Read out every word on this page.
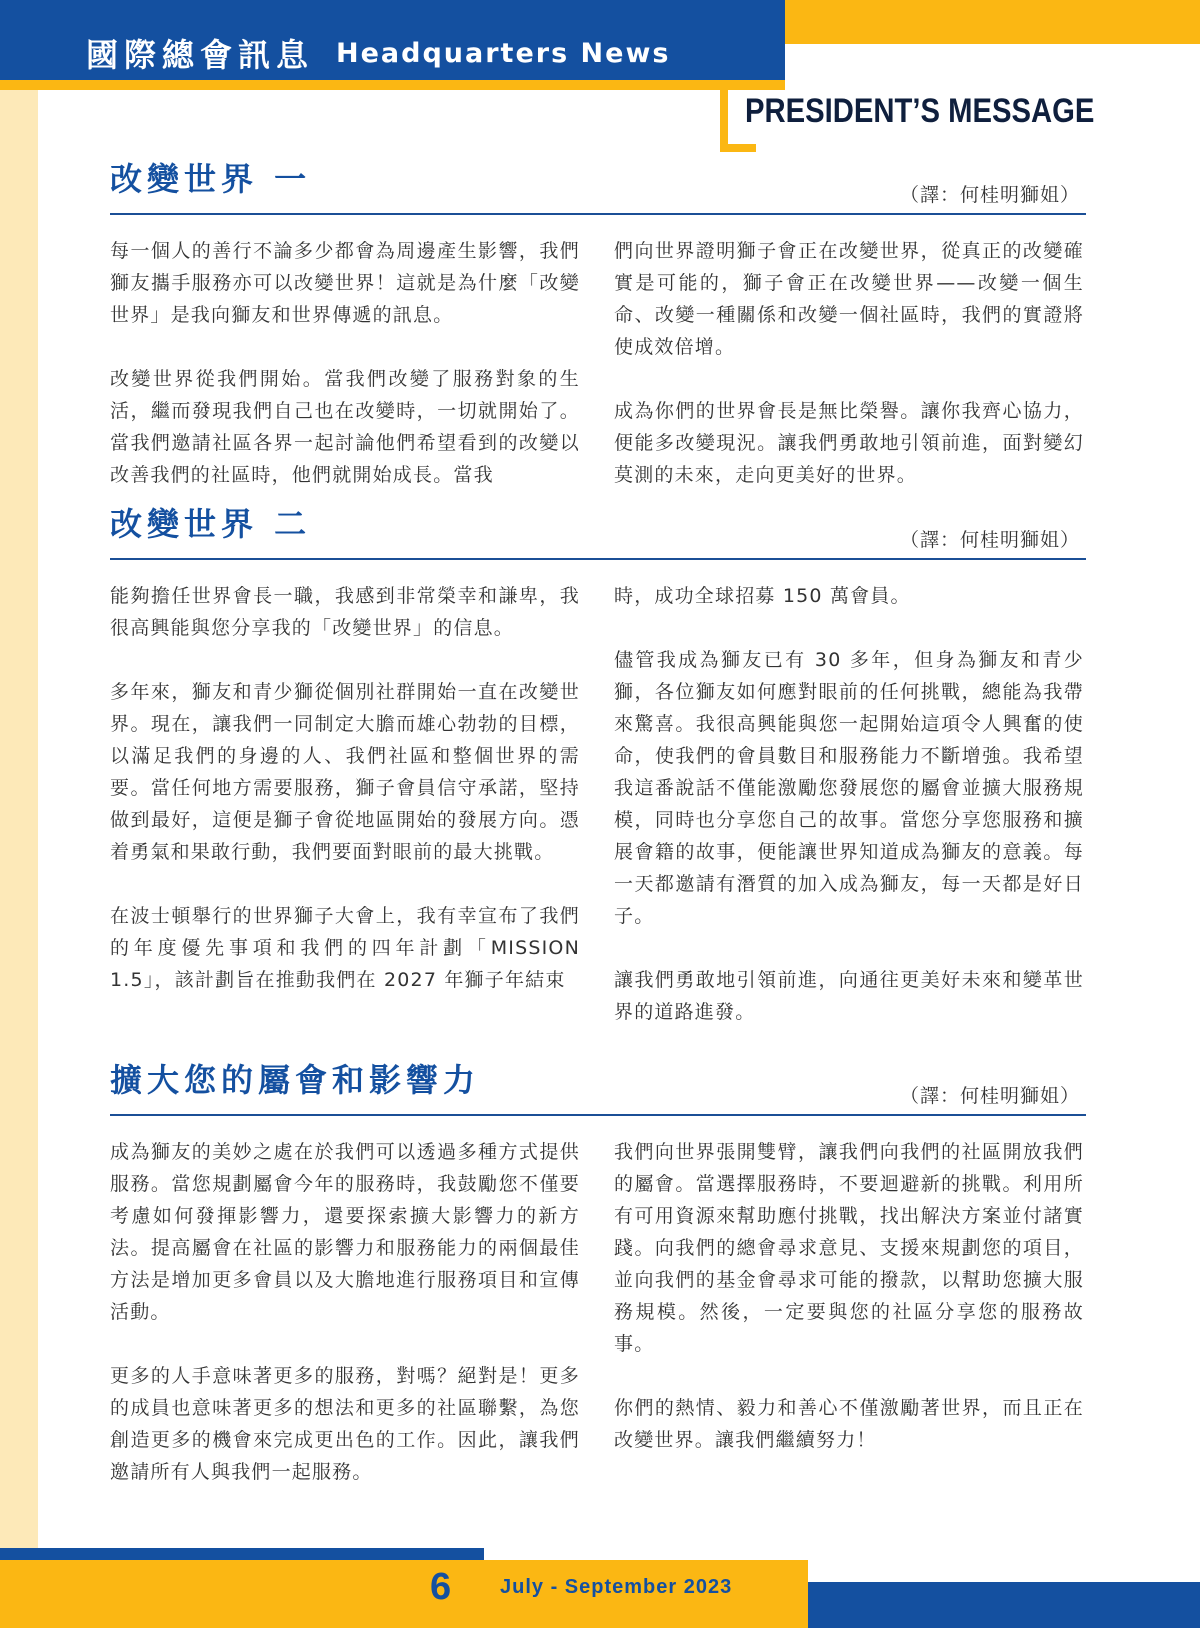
國際總會訊息 Headquarters News
PRESIDENT’S MESSAGE
改變世界 一	（譯：何桂明獅姐）

每一個人的善行不論多少都會為周邊產生影響，我們獅友攜手服務亦可以改變世界！這就是為什麼「改變世界」是我向獅友和世界傳遞的訊息。

改變世界從我們開始。當我們改變了服務對象的生活，繼而發現我們自己也在改變時，一切就開始了。當我們邀請社區各界一起討論他們希望看到的改變以改善我們的社區時，他們就開始成長。當我

們向世界證明獅子會正在改變世界，從真正的改變確實是可能的，獅子會正在改變世界——改變一個生命、改變一種關係和改變一個社區時，我們的實證將使成效倍增。

成為你們的世界會長是無比榮譽。讓你我齊心協力，便能多改變現況。讓我們勇敢地引領前進，面對變幻莫測的未來，走向更美好的世界。

改變世界 二	（譯：何桂明獅姐）

能夠擔任世界會長一職，我感到非常榮幸和謙卑，我很高興能與您分享我的「改變世界」的信息。

多年來，獅友和青少獅從個別社群開始一直在改變世界。現在，讓我們一同制定大膽而雄心勃勃的目標，以滿足我們的身邊的人、我們社區和整個世界的需要。當任何地方需要服務，獅子會員信守承諾，堅持做到最好，這便是獅子會從地區開始的發展方向。憑着勇氣和果敢行動，我們要面對眼前的最大挑戰。

在波士頓舉行的世界獅子大會上，我有幸宣布了我們的年度優先事項和我們的四年計劃「MISSION 1.5」，該計劃旨在推動我們在 2027 年獅子年結束

時，成功全球招募 150 萬會員。

儘管我成為獅友已有 30 多年，但身為獅友和青少獅，各位獅友如何應對眼前的任何挑戰，總能為我帶來驚喜。我很高興能與您一起開始這項令人興奮的使命，使我們的會員數目和服務能力不斷增強。我希望我這番說話不僅能激勵您發展您的屬會並擴大服務規模，同時也分享您自己的故事。當您分享您服務和擴展會籍的故事，便能讓世界知道成為獅友的意義。每一天都邀請有潛質的加入成為獅友，每一天都是好日子。

讓我們勇敢地引領前進，向通往更美好未來和變革世界的道路進發。

擴大您的屬會和影響力	（譯：何桂明獅姐）

成為獅友的美妙之處在於我們可以透過多種方式提供服務。當您規劃屬會今年的服務時，我鼓勵您不僅要考慮如何發揮影響力，還要探索擴大影響力的新方法。提高屬會在社區的影響力和服務能力的兩個最佳方法是增加更多會員以及大膽地進行服務項目和宣傳活動。

更多的人手意味著更多的服務，對嗎？絕對是！更多的成員也意味著更多的想法和更多的社區聯繫，為您創造更多的機會來完成更出色的工作。因此，讓我們邀請所有人與我們一起服務。

我們向世界張開雙臂，讓我們向我們的社區開放我們的屬會。當選擇服務時，不要迴避新的挑戰。利用所有可用資源來幫助應付挑戰，找出解決方案並付諸實踐。向我們的總會尋求意見、支援來規劃您的項目，並向我們的基金會尋求可能的撥款，以幫助您擴大服務規模。然後，一定要與您的社區分享您的服務故事。

你們的熱情、毅力和善心不僅激勵著世界，而且正在改變世界。讓我們繼續努力！

6 July - September 2023
